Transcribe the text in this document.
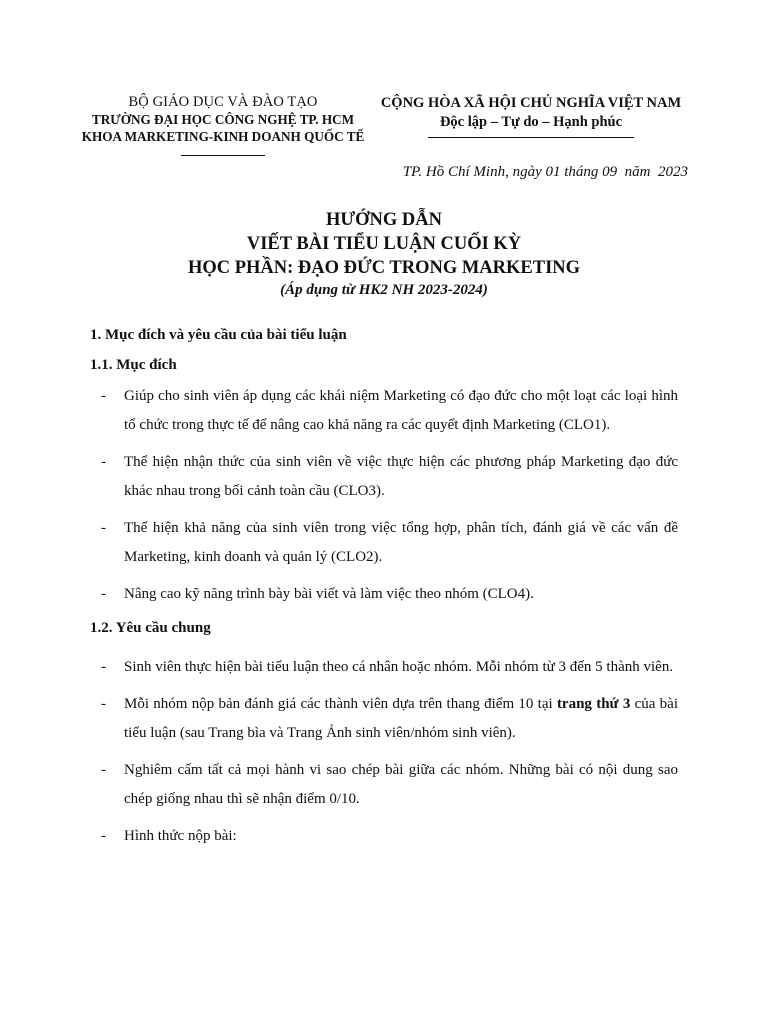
BỘ GIÁO DỤC VÀ ĐÀO TẠO
TRƯỜNG ĐẠI HỌC CÔNG NGHỆ TP. HCM
KHOA MARKETING-KINH DOANH QUỐC TẾ
CỘNG HÒA XÃ HỘI CHỦ NGHĨA VIỆT NAM
Độc lập – Tự do – Hạnh phúc
TP. Hồ Chí Minh, ngày 01 tháng 09  năm  2023
HƯỚNG DẪN
VIẾT BÀI TIỂU LUẬN CUỐI KỲ
HỌC PHẦN: ĐẠO ĐỨC TRONG MARKETING
(Áp dụng từ HK2 NH 2023-2024)
1. Mục đích và yêu cầu của bài tiểu luận
1.1. Mục đích
- Giúp cho sinh viên áp dụng các khái niệm Marketing có đạo đức cho một loạt các loại hình tổ chức trong thực tế để nâng cao khả năng ra các quyết định Marketing (CLO1).
- Thể hiện nhận thức của sinh viên về việc thực hiện các phương pháp Marketing đạo đức khác nhau trong bối cảnh toàn cầu (CLO3).
- Thể hiện khả năng của sinh viên trong việc tổng hợp, phân tích, đánh giá về các vấn đề Marketing, kinh doanh và quản lý (CLO2).
- Nâng cao kỹ năng trình bày bài viết và làm việc theo nhóm (CLO4).
1.2. Yêu cầu chung
- Sinh viên thực hiện bài tiểu luận theo cá nhân hoặc nhóm. Mỗi nhóm từ 3 đến 5 thành viên.
- Mỗi nhóm nộp bản đánh giá các thành viên dựa trên thang điểm 10 tại trang thứ 3 của bài tiểu luận (sau Trang bìa và Trang Ảnh sinh viên/nhóm sinh viên).
- Nghiêm cấm tất cả mọi hành vi sao chép bài giữa các nhóm. Những bài có nội dung sao chép giống nhau thì sẽ nhận điểm 0/10.
- Hình thức nộp bài:
